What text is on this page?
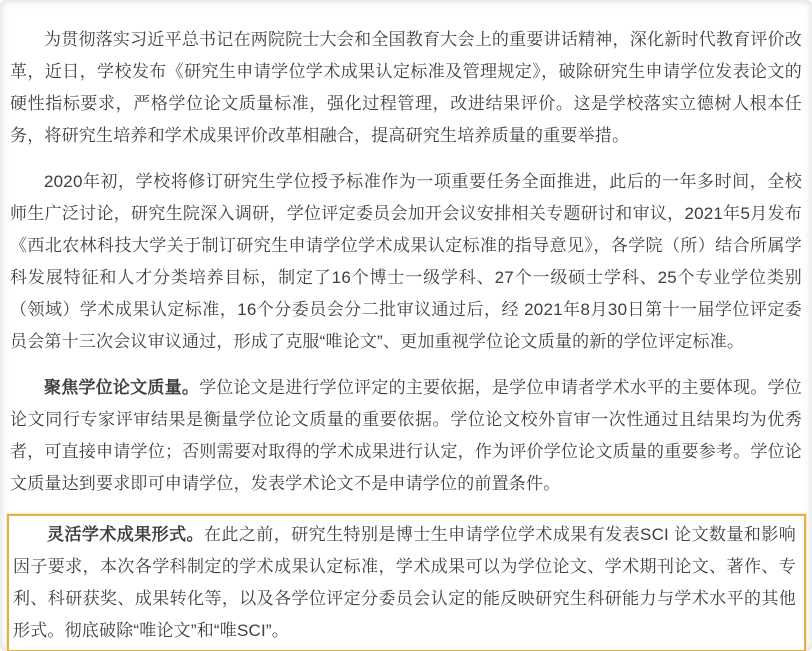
为贯彻落实习近平总书记在两院院士大会和全国教育大会上的重要讲话精神，深化新时代教育评价改革，近日，学校发布《研究生申请学位学术成果认定标准及管理规定》，破除研究生申请学位发表论文的硬性指标要求，严格学位论文质量标准，强化过程管理，改进结果评价。这是学校落实立德树人根本任务，将研究生培养和学术成果评价改革相融合，提高研究生培养质量的重要举措。

2020年初，学校将修订研究生学位授予标准作为一项重要任务全面推进，此后的一年多时间，全校师生广泛讨论，研究生院深入调研，学位评定委员会加开会议安排相关专题研讨和审议，2021年5月发布《西北农林科技大学关于制订研究生申请学位学术成果认定标准的指导意见》，各学院（所）结合所属学科发展特征和人才分类培养目标，制定了16个博士一级学科、27个一级硕士学科、25个专业学位类别（领域）学术成果认定标准，16个分委员会分二批审议通过后，经 2021年8月30日第十一届学位评定委员会第十三次会议审议通过，形成了克服“唯论文”、更加重视学位论文质量的新的学位评定标准。

聚焦学位论文质量。学位论文是进行学位评定的主要依据，是学位申请者学术水平的主要体现。学位论文同行专家评审结果是衡量学位论文质量的重要依据。学位论文校外盲审一次性通过且结果均为优秀者，可直接申请学位；否则需要对取得的学术成果进行认定，作为评价学位论文质量的重要参考。学位论文质量达到要求即可申请学位，发表学术论文不是申请学位的前置条件。

灵活学术成果形式。在此之前，研究生特别是博士生申请学位学术成果有发表SCI 论文数量和影响因子要求，本次各学科制定的学术成果认定标准，学术成果可以为学位论文、学术期刊论文、著作、专利、科研获奖、成果转化等，以及各学位评定分委员会认定的能反映研究生科研能力与学术水平的其他形式。彻底破除“唯论文”和“唯SCI”。
